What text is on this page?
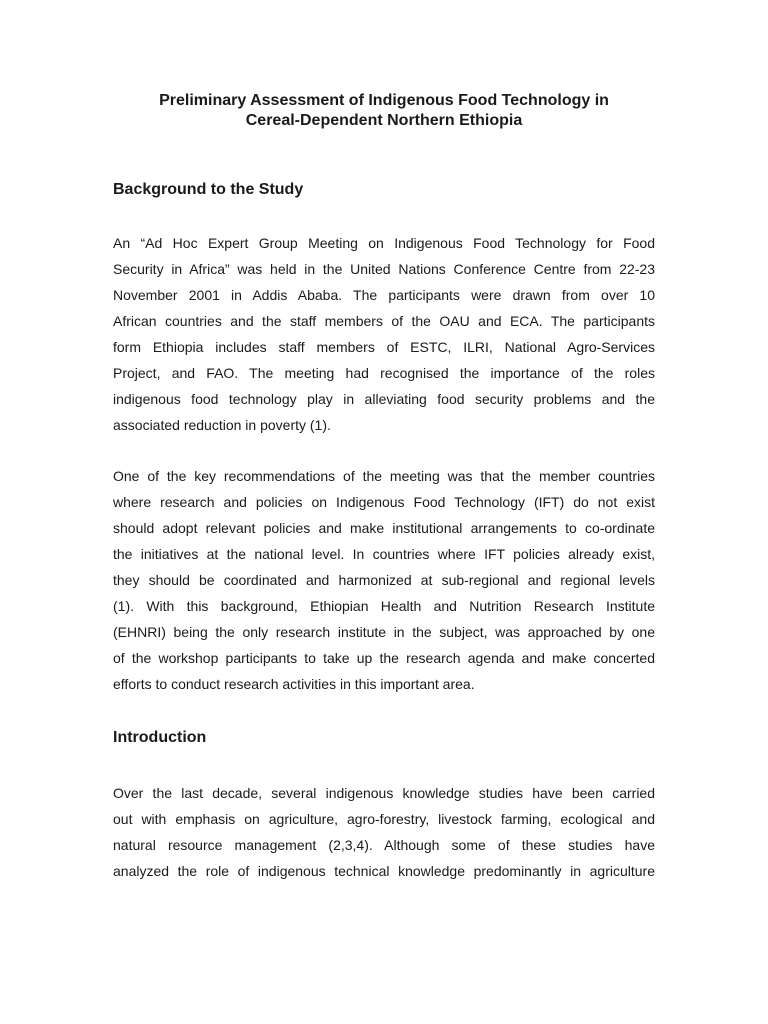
Preliminary Assessment of Indigenous Food Technology in
Cereal-Dependent Northern Ethiopia
Background to the Study
An “Ad Hoc Expert Group Meeting on Indigenous Food Technology for Food
Security in Africa” was held in the United Nations Conference Centre from 22-23
November 2001 in Addis Ababa. The participants were drawn from over 10
African countries and the staff members of the OAU and ECA. The participants
form Ethiopia includes staff members of ESTC, ILRI, National Agro-Services
Project, and FAO. The meeting had recognised the importance of the roles
indigenous food technology play in alleviating food security problems and the
associated reduction in poverty (1).
One of the key recommendations of the meeting was that the member countries
where research and policies on Indigenous Food Technology (IFT) do not exist
should adopt relevant policies and make institutional arrangements to co-ordinate
the initiatives at the national level. In countries where IFT policies already exist,
they should be coordinated and harmonized at sub-regional and regional levels
(1). With this background, Ethiopian Health and Nutrition Research Institute
(EHNRI) being the only research institute in the subject, was approached by one
of the workshop participants to take up the research agenda and make concerted
efforts to conduct research activities in this important area.
Introduction
Over the last decade, several indigenous knowledge studies have been carried
out with emphasis on agriculture, agro-forestry, livestock farming, ecological and
natural resource management (2,3,4). Although some of these studies have
analyzed the role of indigenous technical knowledge predominantly in agriculture
